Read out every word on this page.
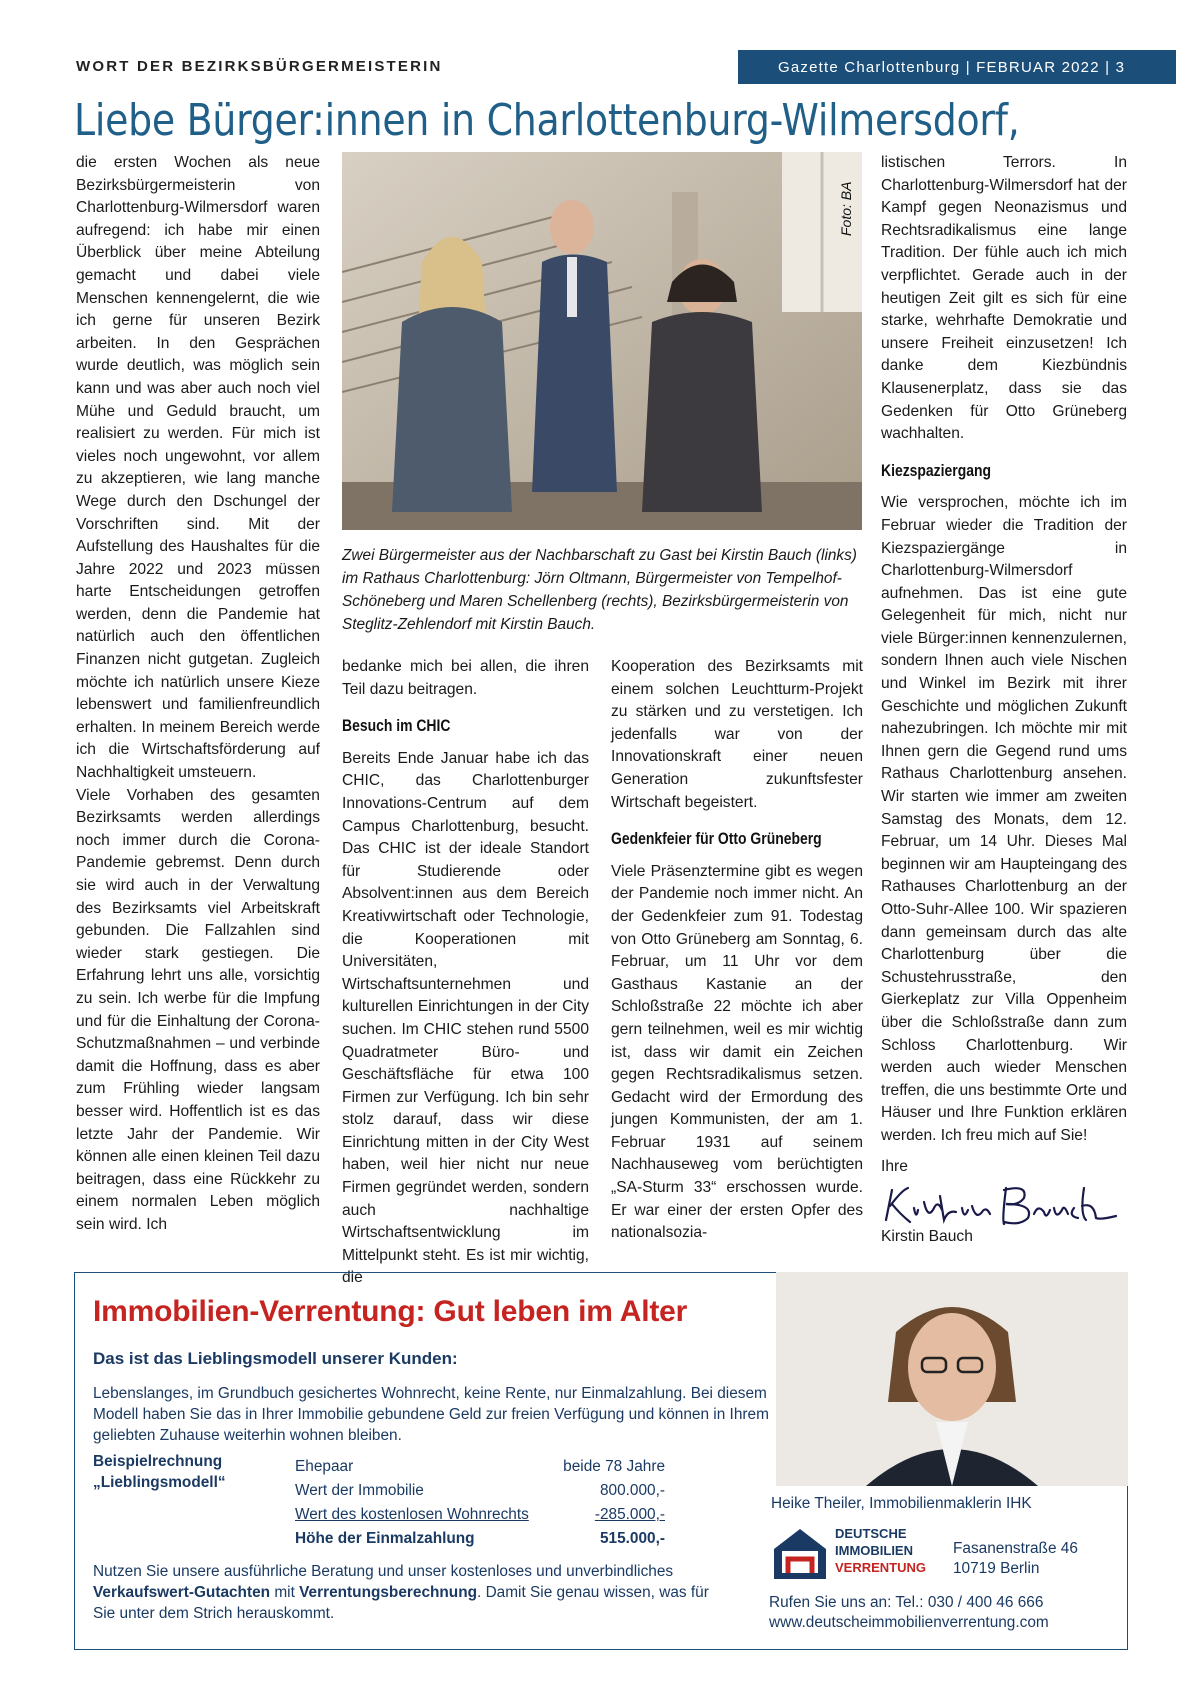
WORT DER BEZIRKSBÜRGERMEISTERIN	Gazette Charlottenburg | FEBRUAR 2022 | 3
Liebe Bürger:innen in Charlottenburg-Wilmersdorf,

die ersten Wochen als neue Bezirksbürgermeisterin von Charlottenburg-Wilmersdorf waren aufregend: ich habe mir einen Überblick über meine Abteilung gemacht und dabei viele Menschen kennengelernt, die wie ich gerne für unseren Bezirk arbeiten. In den Gesprächen wurde deutlich, was möglich sein kann und was aber auch noch viel Mühe und Geduld braucht, um realisiert zu werden. Für mich ist vieles noch ungewohnt, vor allem zu akzeptieren, wie lang manche Wege durch den Dschungel der Vorschriften sind. Mit der Aufstellung des Haushaltes für die Jahre 2022 und 2023 müssen harte Entscheidungen getroffen werden, denn die Pandemie hat natürlich auch den öffentlichen Finanzen nicht gutgetan. Zugleich möchte ich natürlich unsere Kieze lebenswert und familienfreundlich erhalten. In meinem Bereich werde ich die Wirtschaftsförderung auf Nachhaltigkeit umsteuern.

Viele Vorhaben des gesamten Bezirksamts werden allerdings noch immer durch die Corona-Pandemie gebremst. Denn durch sie wird auch in der Verwaltung des Bezirksamts viel Arbeitskraft gebunden. Die Fallzahlen sind wieder stark gestiegen. Die Erfahrung lehrt uns alle, vorsichtig zu sein. Ich werbe für die Impfung und für die Einhaltung der Corona-Schutzmaßnahmen – und verbinde damit die Hoffnung, dass es aber zum Frühling wieder langsam besser wird. Hoffentlich ist es das letzte Jahr der Pandemie. Wir können alle einen kleinen Teil dazu beitragen, dass eine Rückkehr zu einem normalen Leben möglich sein wird. Ich

Foto: BA
Zwei Bürgermeister aus der Nachbarschaft zu Gast bei Kirstin Bauch (links) im Rathaus Charlottenburg: Jörn Oltmann, Bürgermeister von Tempelhof-Schöneberg und Maren Schellenberg (rechts), Bezirksbürgermeisterin von Steglitz-Zehlendorf mit Kirstin Bauch.

bedanke mich bei allen, die ihren Teil dazu beitragen.

Besuch im CHIC

Bereits Ende Januar habe ich das CHIC, das Charlottenburger Innovations-Centrum auf dem Campus Charlottenburg, besucht. Das CHIC ist der ideale Standort für Studierende oder Absolvent:innen aus dem Bereich Kreativwirtschaft oder Technologie, die Kooperationen mit Universitäten, Wirtschaftsunternehmen und kulturellen Einrichtungen in der City suchen. Im CHIC stehen rund 5500 Quadratmeter Büro- und Geschäftsfläche für etwa 100 Firmen zur Verfügung. Ich bin sehr stolz darauf, dass wir diese Einrichtung mitten in der City West haben, weil hier nicht nur neue Firmen gegründet werden, sondern auch nachhaltige Wirtschaftsentwicklung im Mittelpunkt steht. Es ist mir wichtig, die

Kooperation des Bezirksamts mit einem solchen Leuchtturm-Projekt zu stärken und zu verstetigen. Ich jedenfalls war von der Innovationskraft einer neuen Generation zukunftsfester Wirtschaft begeistert.

Gedenkfeier für Otto Grüneberg

Viele Präsenztermine gibt es wegen der Pandemie noch immer nicht. An der Gedenkfeier zum 91. Todestag von Otto Grüneberg am Sonntag, 6. Februar, um 11 Uhr vor dem Gasthaus Kastanie an der Schloßstraße 22 möchte ich aber gern teilnehmen, weil es mir wichtig ist, dass wir damit ein Zeichen gegen Rechtsradikalismus setzen. Gedacht wird der Ermordung des jungen Kommunisten, der am 1. Februar 1931 auf seinem Nachhauseweg vom berüchtigten „SA-Sturm 33“ erschossen wurde. Er war einer der ersten Opfer des nationalsozia-

listischen Terrors. In Charlottenburg-Wilmersdorf hat der Kampf gegen Neonazismus und Rechtsradikalismus eine lange Tradition. Der fühle auch ich mich verpflichtet. Gerade auch in der heutigen Zeit gilt es sich für eine starke, wehrhafte Demokratie und unsere Freiheit einzusetzen! Ich danke dem Kiezbündnis Klausenerplatz, dass sie das Gedenken für Otto Grüneberg wachhalten.

Kiezspaziergang

Wie versprochen, möchte ich im Februar wieder die Tradition der Kiezspaziergänge in Charlottenburg-Wilmersdorf aufnehmen. Das ist eine gute Gelegenheit für mich, nicht nur viele Bürger:innen kennenzulernen, sondern Ihnen auch viele Nischen und Winkel im Bezirk mit ihrer Geschichte und möglichen Zukunft nahezubringen. Ich möchte mir mit Ihnen gern die Gegend rund ums Rathaus Charlottenburg ansehen. Wir starten wie immer am zweiten Samstag des Monats, dem 12. Februar, um 14 Uhr. Dieses Mal beginnen wir am Haupteingang des Rathauses Charlottenburg an der Otto-Suhr-Allee 100. Wir spazieren dann gemeinsam durch das alte Charlottenburg über die Schustehrusstraße, den Gierkeplatz zur Villa Oppenheim über die Schloßstraße dann zum Schloss Charlottenburg. Wir werden auch wieder Menschen treffen, die uns bestimmte Orte und Häuser und Ihre Funktion erklären werden. Ich freu mich auf Sie!

Ihre

Kirstin Bauch
Immobilien-Verrentung: Gut leben im Alter
Das ist das Lieblingsmodell unserer Kunden:
Lebenslanges, im Grundbuch gesichertes Wohnrecht, keine Rente, nur Einmalzahlung. Bei diesem Modell haben Sie das in Ihrer Immobilie gebundene Geld zur freien Verfügung und können in Ihrem geliebten Zuhause weiterhin wohnen bleiben.
Beispielrechnung
„Lieblingsmodell“
Ehepaar	beide 78 Jahre
Wert der Immobilie	800.000,-
Wert des kostenlosen Wohnrechts	-285.000,-
Höhe der Einmalzahlung	515.000,-
Nutzen Sie unsere ausführliche Beratung und unser kostenloses und unverbindliches Verkaufswert-Gutachten mit Verrentungsberechnung. Damit Sie genau wissen, was für Sie unter dem Strich herauskommt.
Heike Theiler, Immobilienmaklerin IHK
DEUTSCHE
IMMOBILIEN
VERRENTUNG
Fasanenstraße 46
10719 Berlin
Rufen Sie uns an: Tel.: 030 / 400 46 666
www.deutscheimmobilienverrentung.com
